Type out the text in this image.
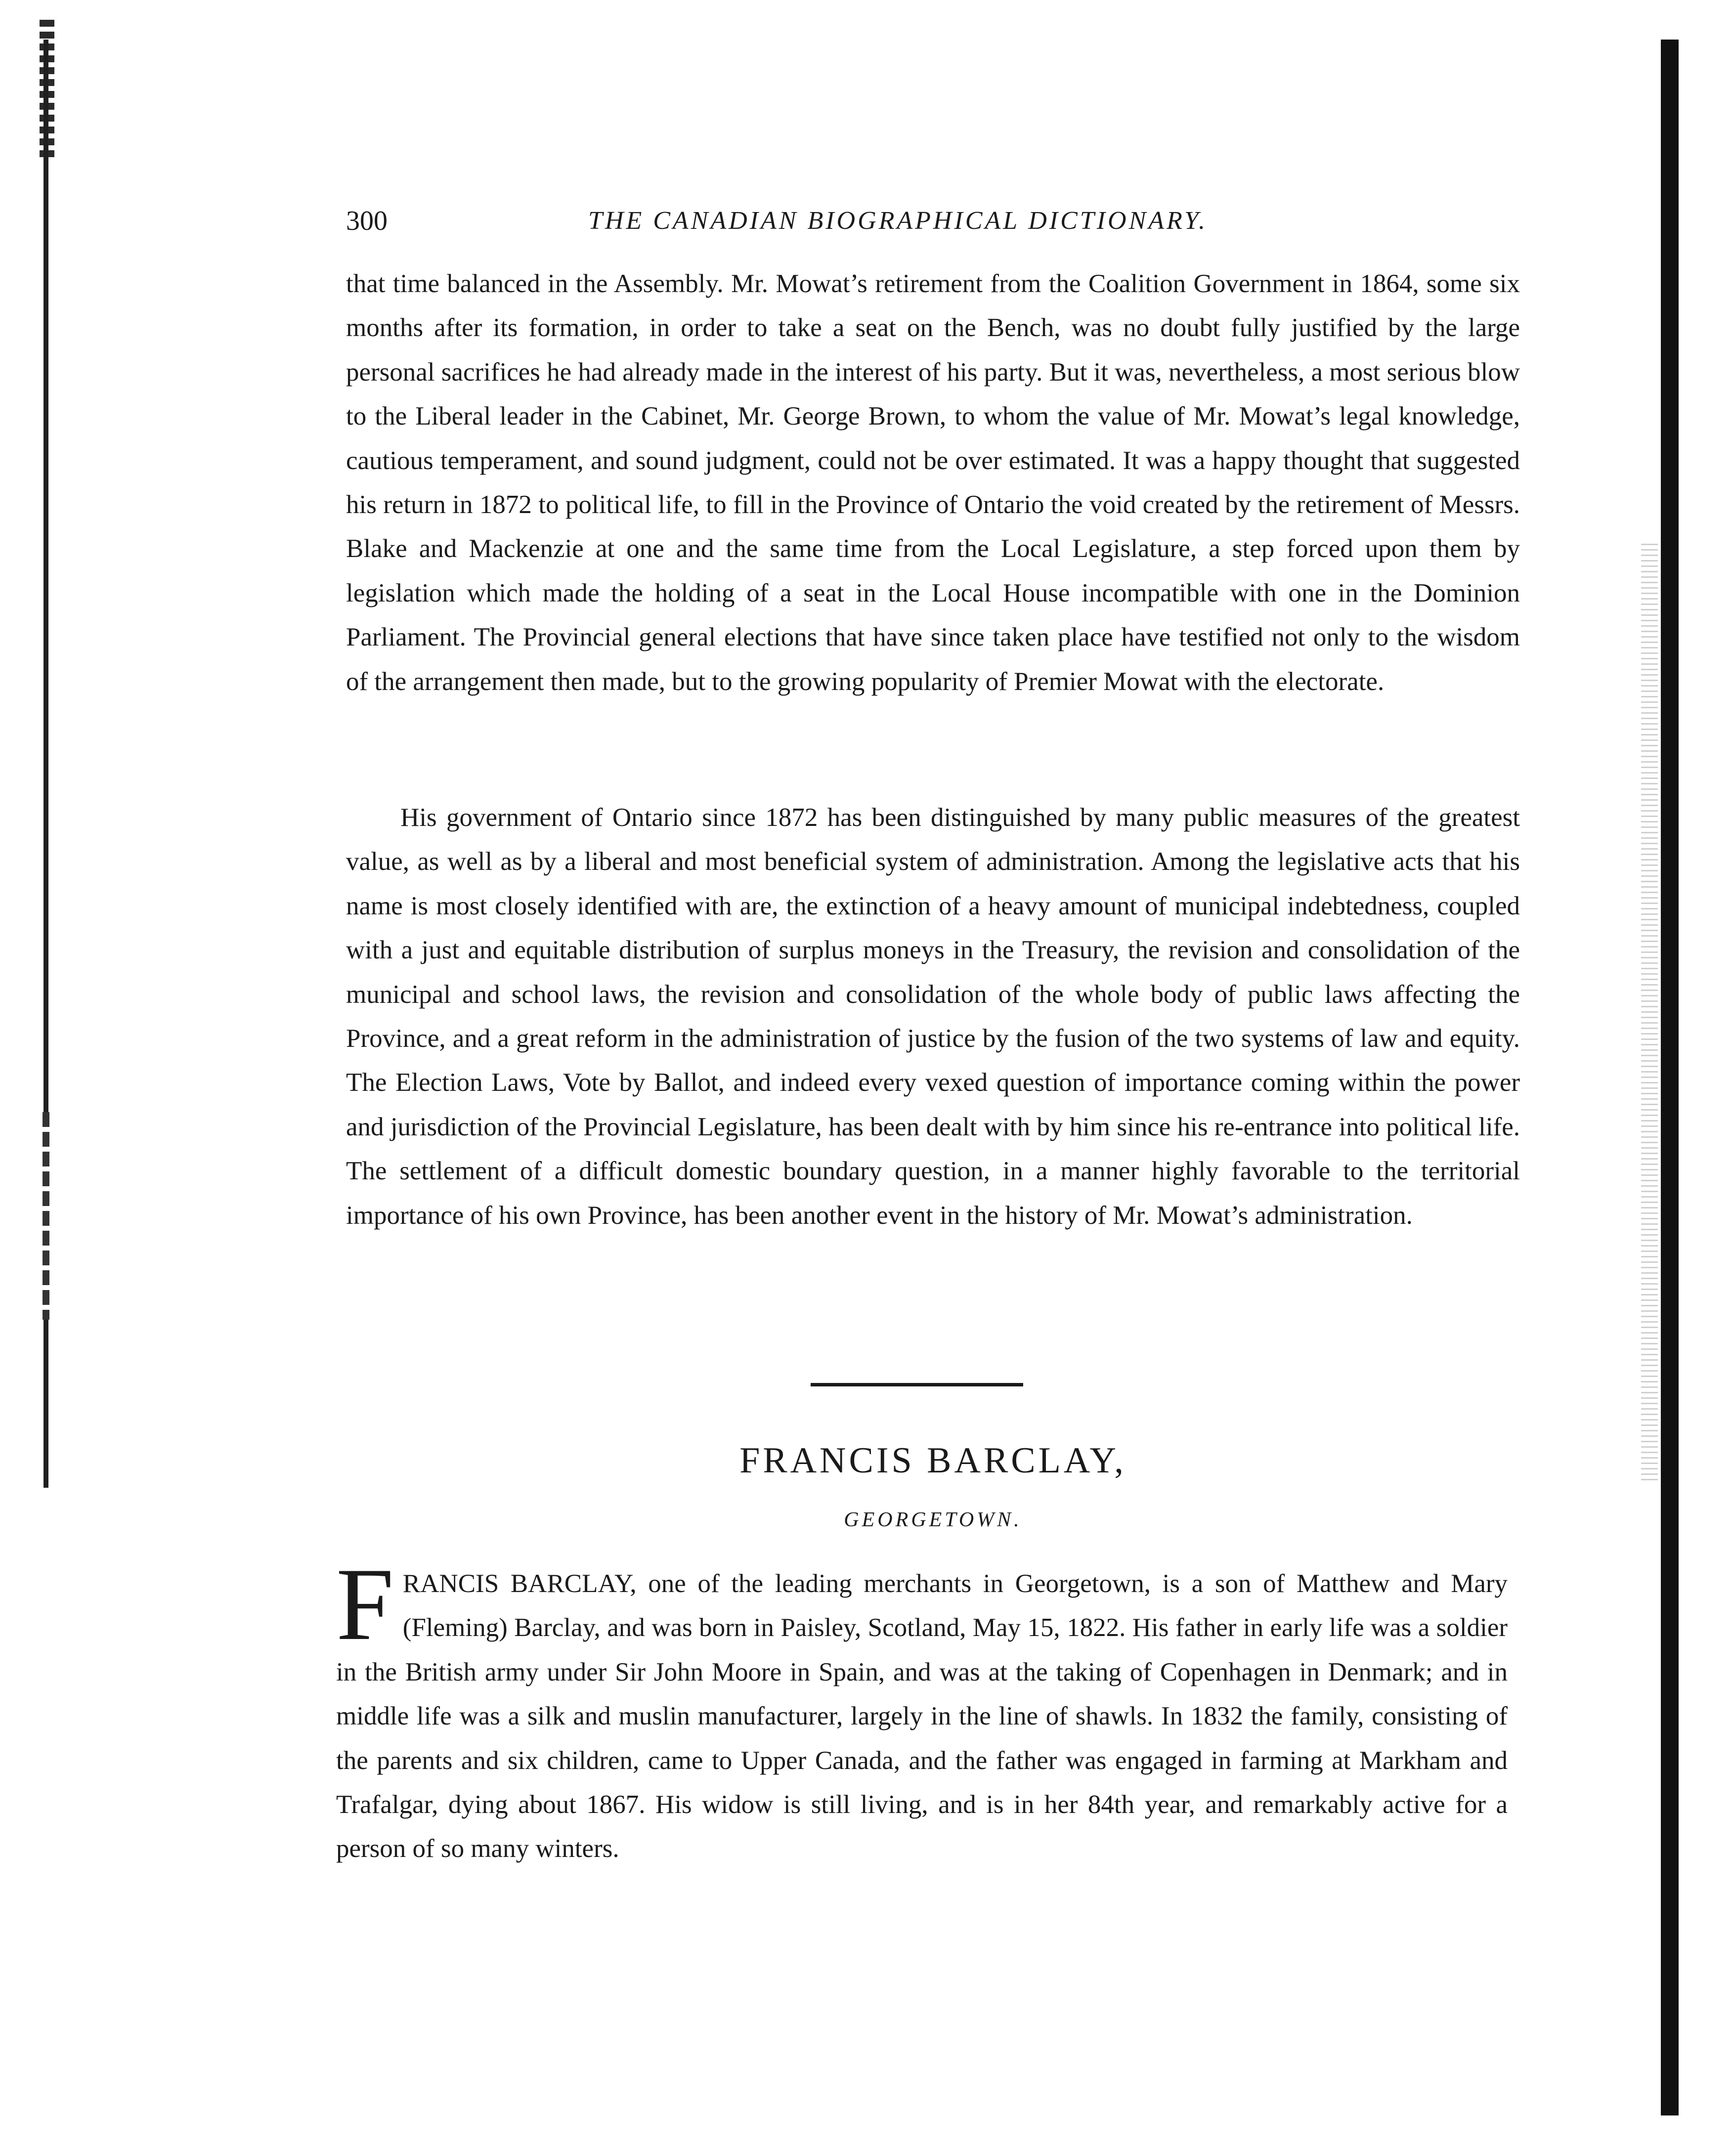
300	THE CANADIAN BIOGRAPHICAL DICTIONARY.

that time balanced in the Assembly. Mr. Mowat’s retirement from the Coalition Government in 1864, some six months after its formation, in order to take a seat on the Bench, was no doubt fully justified by the large personal sacrifices he had already made in the interest of his party. But it was, nevertheless, a most serious blow to the Liberal leader in the Cabinet, Mr. George Brown, to whom the value of Mr. Mowat’s legal knowledge, cautious temperament, and sound judgment, could not be over estimated. It was a happy thought that suggested his return in 1872 to political life, to fill in the Province of Ontario the void created by the retirement of Messrs. Blake and Mackenzie at one and the same time from the Local Legislature, a step forced upon them by legislation which made the holding of a seat in the Local House incompatible with one in the Dominion Parliament. The Provincial general elections that have since taken place have testified not only to the wisdom of the arrangement then made, but to the growing popularity of Premier Mowat with the electorate.

His government of Ontario since 1872 has been distinguished by many public measures of the greatest value, as well as by a liberal and most beneficial system of administration. Among the legislative acts that his name is most closely identified with are, the extinction of a heavy amount of municipal indebtedness, coupled with a just and equitable distribution of surplus moneys in the Treasury, the revision and consolidation of the municipal and school laws, the revision and consolidation of the whole body of public laws affecting the Province, and a great reform in the administration of justice by the fusion of the two systems of law and equity. The Election Laws, Vote by Ballot, and indeed every vexed question of importance coming within the power and jurisdiction of the Provincial Legislature, has been dealt with by him since his re-entrance into political life. The settlement of a difficult domestic boundary question, in a manner highly favorable to the territorial importance of his own Province, has been another event in the history of Mr. Mowat’s administration.

FRANCIS BARCLAY,
GEORGETOWN.
F RANCIS BARCLAY, one of the leading merchants in Georgetown, is a son of Matthew and Mary (Fleming) Barclay, and was born in Paisley, Scotland, May 15, 1822. His father in early life was a soldier in the British army under Sir John Moore in Spain, and was at the taking of Copenhagen in Denmark; and in middle life was a silk and muslin manufacturer, largely in the line of shawls. In 1832 the family, consisting of the parents and six children, came to Upper Canada, and the father was engaged in farming at Markham and Trafalgar, dying about 1867. His widow is still living, and is in her 84th year, and remarkably active for a person of so many winters.
